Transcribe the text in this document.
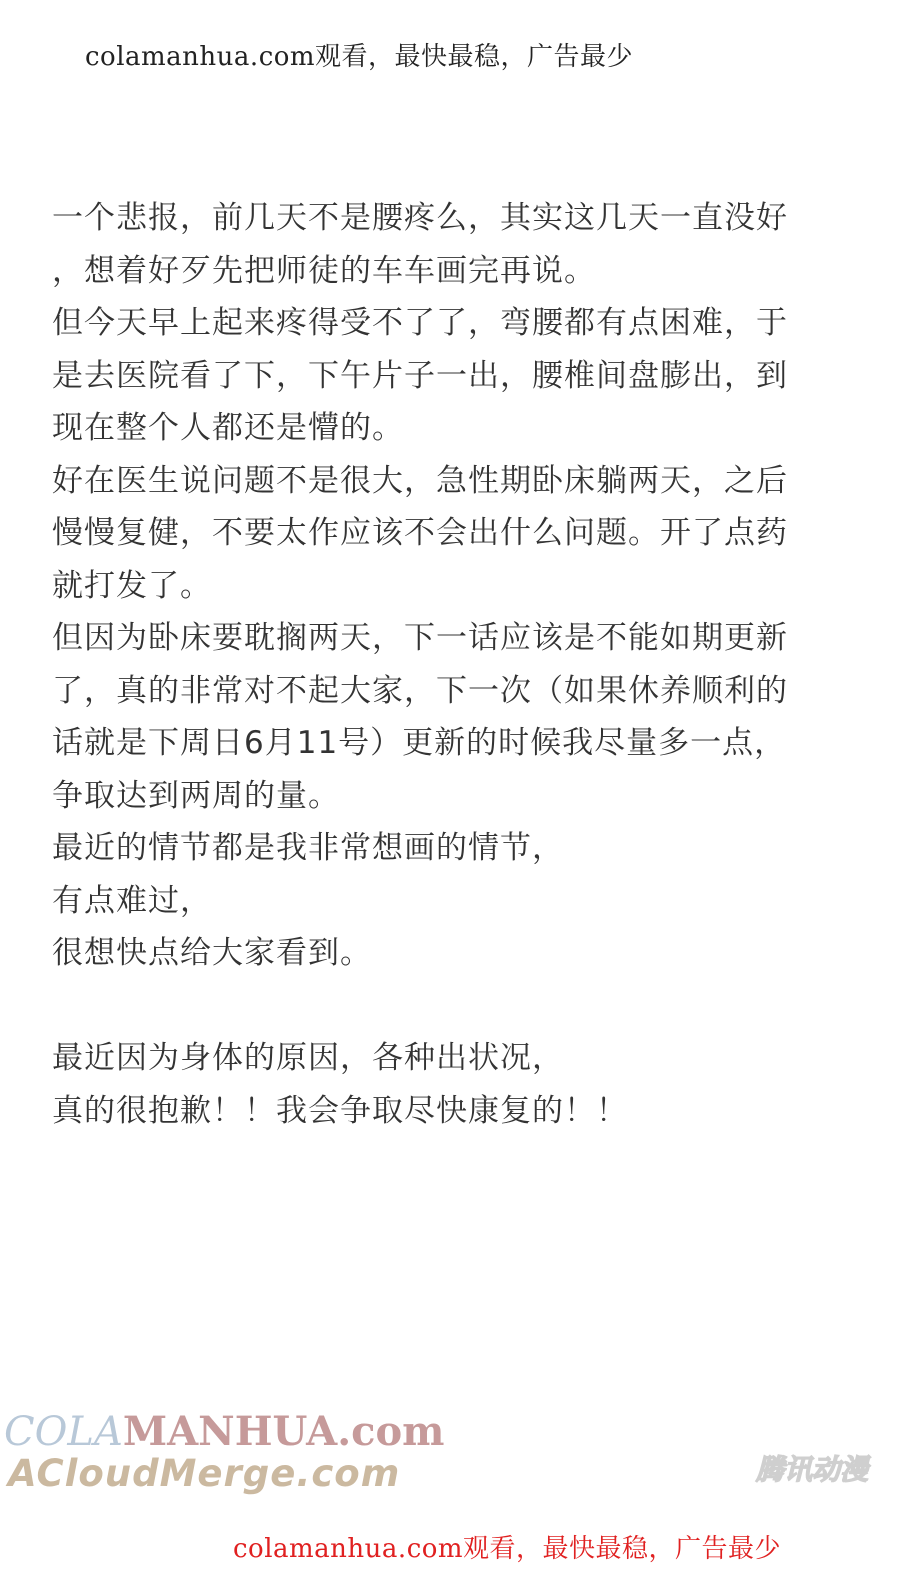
colamanhua.com观看，最快最稳，广告最少
一个悲报，前几天不是腰疼么，其实这几天一直没好
，想着好歹先把师徒的车车画完再说。
但今天早上起来疼得受不了了，弯腰都有点困难，于
是去医院看了下，下午片子一出，腰椎间盘膨出，到
现在整个人都还是懵的。
好在医生说问题不是很大，急性期卧床躺两天，之后
慢慢复健，不要太作应该不会出什么问题。开了点药
就打发了。
但因为卧床要耽搁两天，下一话应该是不能如期更新
了，真的非常对不起大家，下一次（如果休养顺利的
话就是下周日6月11号）更新的时候我尽量多一点，
争取达到两周的量。
最近的情节都是我非常想画的情节，
有点难过，
很想快点给大家看到。
最近因为身体的原因，各种出状况，
真的很抱歉！！我会争取尽快康复的！！
COLAMANHUA.com
ACloudMerge.com	腾讯动漫
colamanhua.com观看，最快最稳，广告最少
